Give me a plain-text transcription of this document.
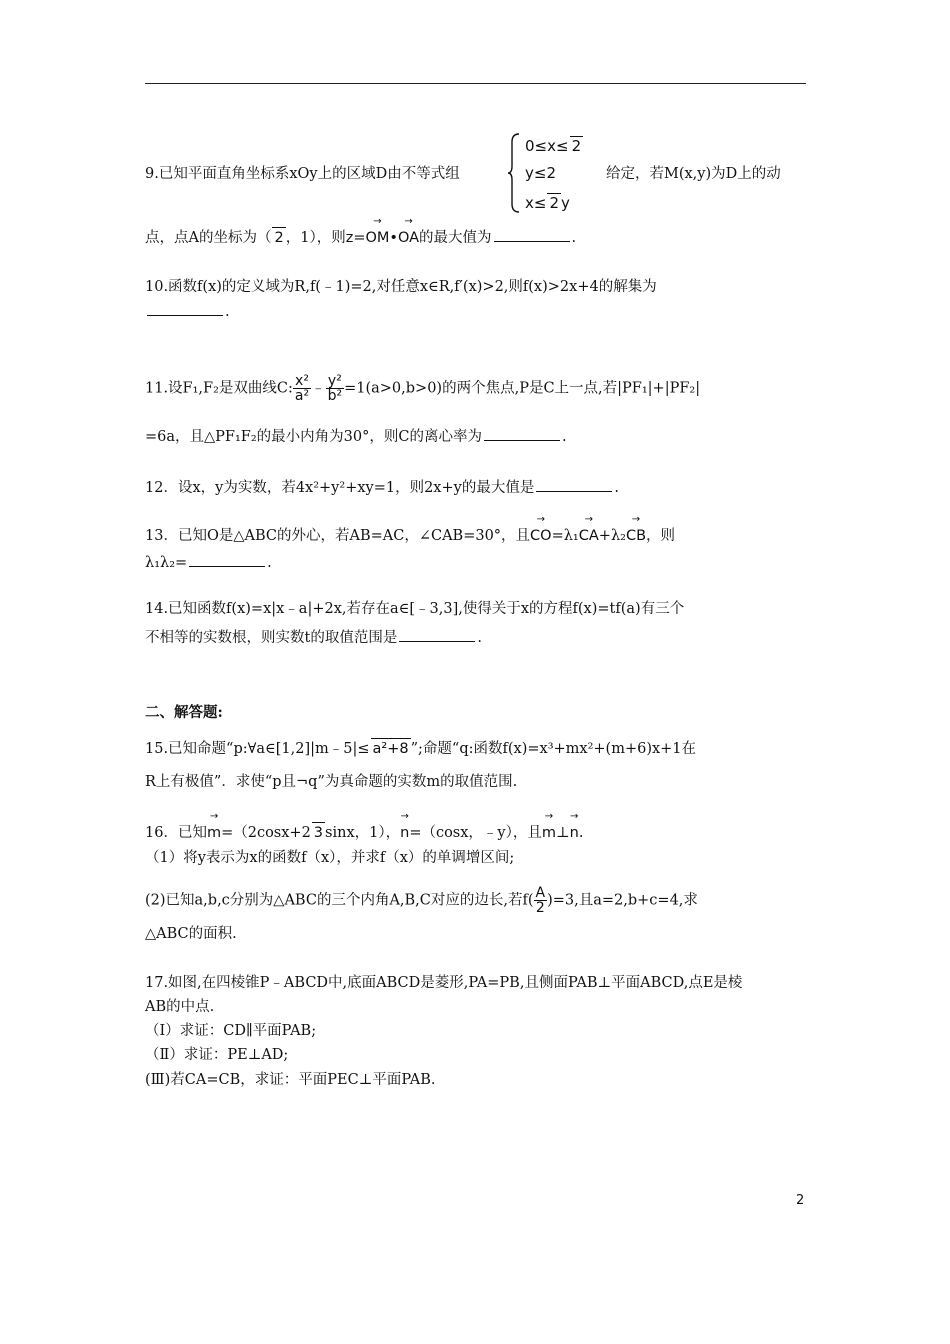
0≤x≤ 2
y≤2
x≤ 2 y
9.已知平面直角坐标系xOy上的区域D由不等式组	给定，若M(x,y)为D上的动
点，点A的坐标为（ 2 ，1），则z=→ OM•→ OA的最大值为	.
10.函数f(x)的定义域为R,f(﹣1)=2,对任意x∈R,f′(x)>2,则f(x)>2x+4的解集为
.
11.设F₁,F₂是双曲线C: $\frac{\text{x²}}{\text{a²}}$ ﹣ $\frac{\text{y²}}{\text{b²}} =1(a>0,b>0)$的两个焦点,P是C上一点,若|PF₁|+|PF₂|
=6a，且△PF₁F₂的最小内角为30°，则C的离心率为	.
12．设x，y为实数，若4x²+y²+xy=1，则2x+y的最大值是	.
13．已知O是△ABC的外心，若AB=AC，∠CAB=30°，且→ CO=λ₁→ CA+λ₂→ CB，则
λ₁λ₂=	.
14.已知函数f(x)=x|x﹣a|+2x,若存在a∈[﹣3,3],使得关于x的方程f(x)=tf(a)有三个
不相等的实数根，则实数t的取值范围是	.
二、解答题:
15.已知命题“p:∀a∈[1,2]|m﹣5|≤ a²+8 ”;命题“q:函数f(x)=x³+mx²+(m+6)x+1在
R上有极值”．求使“p且¬q”为真命题的实数m的取值范围.
16．已知→ m=（2cosx+2 3 sinx，1），→ n=（cosx，﹣y），且→ m⊥→ n.
（1）将y表示为x的函数f（x），并求f（x）的单调增区间;
(2)已知a,b,c分别为△ABC的三个内角A,B,C对应的边长,若$f( \frac{A}{2} )=3$,且a=2,b+c=4,求
△ABC的面积.
17.如图,在四棱锥P﹣ABCD中,底面ABCD是菱形,PA=PB,且侧面PAB⊥平面ABCD,点E是棱
AB的中点.
（Ⅰ）求证：CD∥平面PAB;
（Ⅱ）求证：PE⊥AD;
(Ⅲ)若CA=CB，求证：平面PEC⊥平面PAB.
2
